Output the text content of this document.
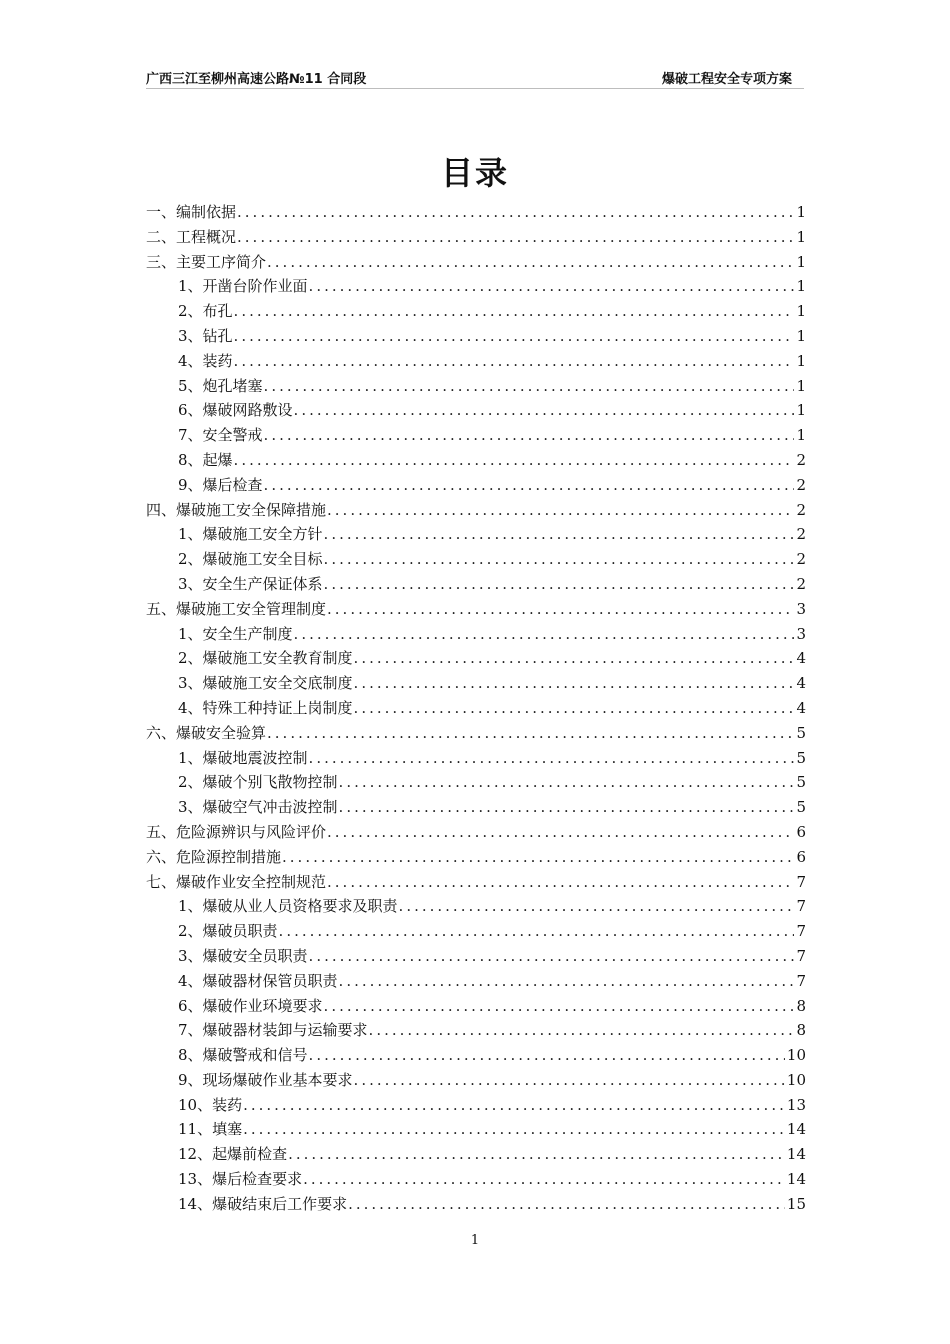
广西三江至柳州高速公路№11 合同段	爆破工程安全专项方案
目录
一、编制依据 .....	1
二、工程概况 .....	1
三、主要工序简介 .....	1
1、开凿台阶作业面 .....	1
2、布孔 .....	1
3、钻孔 .....	1
4、装药 .....	1
5、炮孔堵塞 .....	1
6、爆破网路敷设 .....	1
7、安全警戒 .....	1
8、起爆 .....	2
9、爆后检查 .....	2
四、爆破施工安全保障措施 .....	2
1、爆破施工安全方针 .....	2
2、爆破施工安全目标 .....	2
3、安全生产保证体系 .....	2
五、爆破施工安全管理制度 .....	3
1、安全生产制度 .....	3
2、爆破施工安全教育制度 .....	4
3、爆破施工安全交底制度 .....	4
4、特殊工种持证上岗制度 .....	4
六、爆破安全验算 .....	5
1、爆破地震波控制 .....	5
2、爆破个别飞散物控制 .....	5
3、爆破空气冲击波控制 .....	5
五、危险源辨识与风险评价 .....	6
六、危险源控制措施 .....	6
七、爆破作业安全控制规范 .....	7
1、爆破从业人员资格要求及职责 .....	7
2、爆破员职责 .....	7
3、爆破安全员职责 .....	7
4、爆破器材保管员职责 .....	7
6、爆破作业环境要求 .....	8
7、爆破器材装卸与运输要求 .....	8
8、爆破警戒和信号 .....	10
9、现场爆破作业基本要求 .....	10
10、装药 .....	13
11、填塞 .....	14
12、起爆前检查 .....	14
13、爆后检查要求 .....	14
14、爆破结束后工作要求 .....	15
1
